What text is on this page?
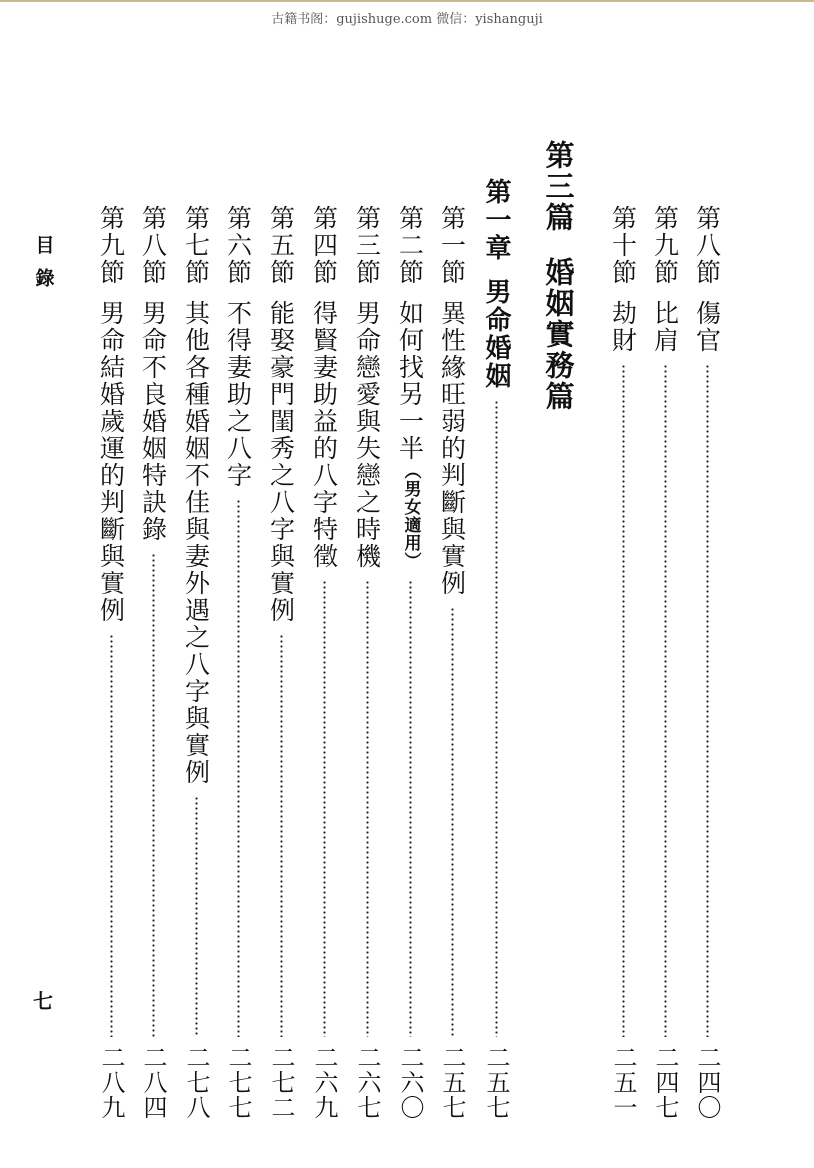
古籍书阁：gujishuge.com 微信：yishanguji
第八節
傷官
二四〇
第九節
比肩
二四七
第十節
劫財
二五一
第三篇
婚姻實務篇
第一章
男命婚姻
二五七
第一節
異性緣旺弱的判斷與實例
二五七
第二節
如何找另一半
（男女適用）
二六〇
第三節
男命戀愛與失戀之時機
二六七
第四節
得賢妻助益的八字特徵
二六九
第五節
能娶豪門閨秀之八字與實例
二七二
第六節
不得妻助之八字
二七七
第七節
其他各種婚姻不佳與妻外遇之八字與實例
二七八
第八節
男命不良婚姻特訣錄
二八四
第九節
男命結婚歲運的判斷與實例
二八九
目錄
七
